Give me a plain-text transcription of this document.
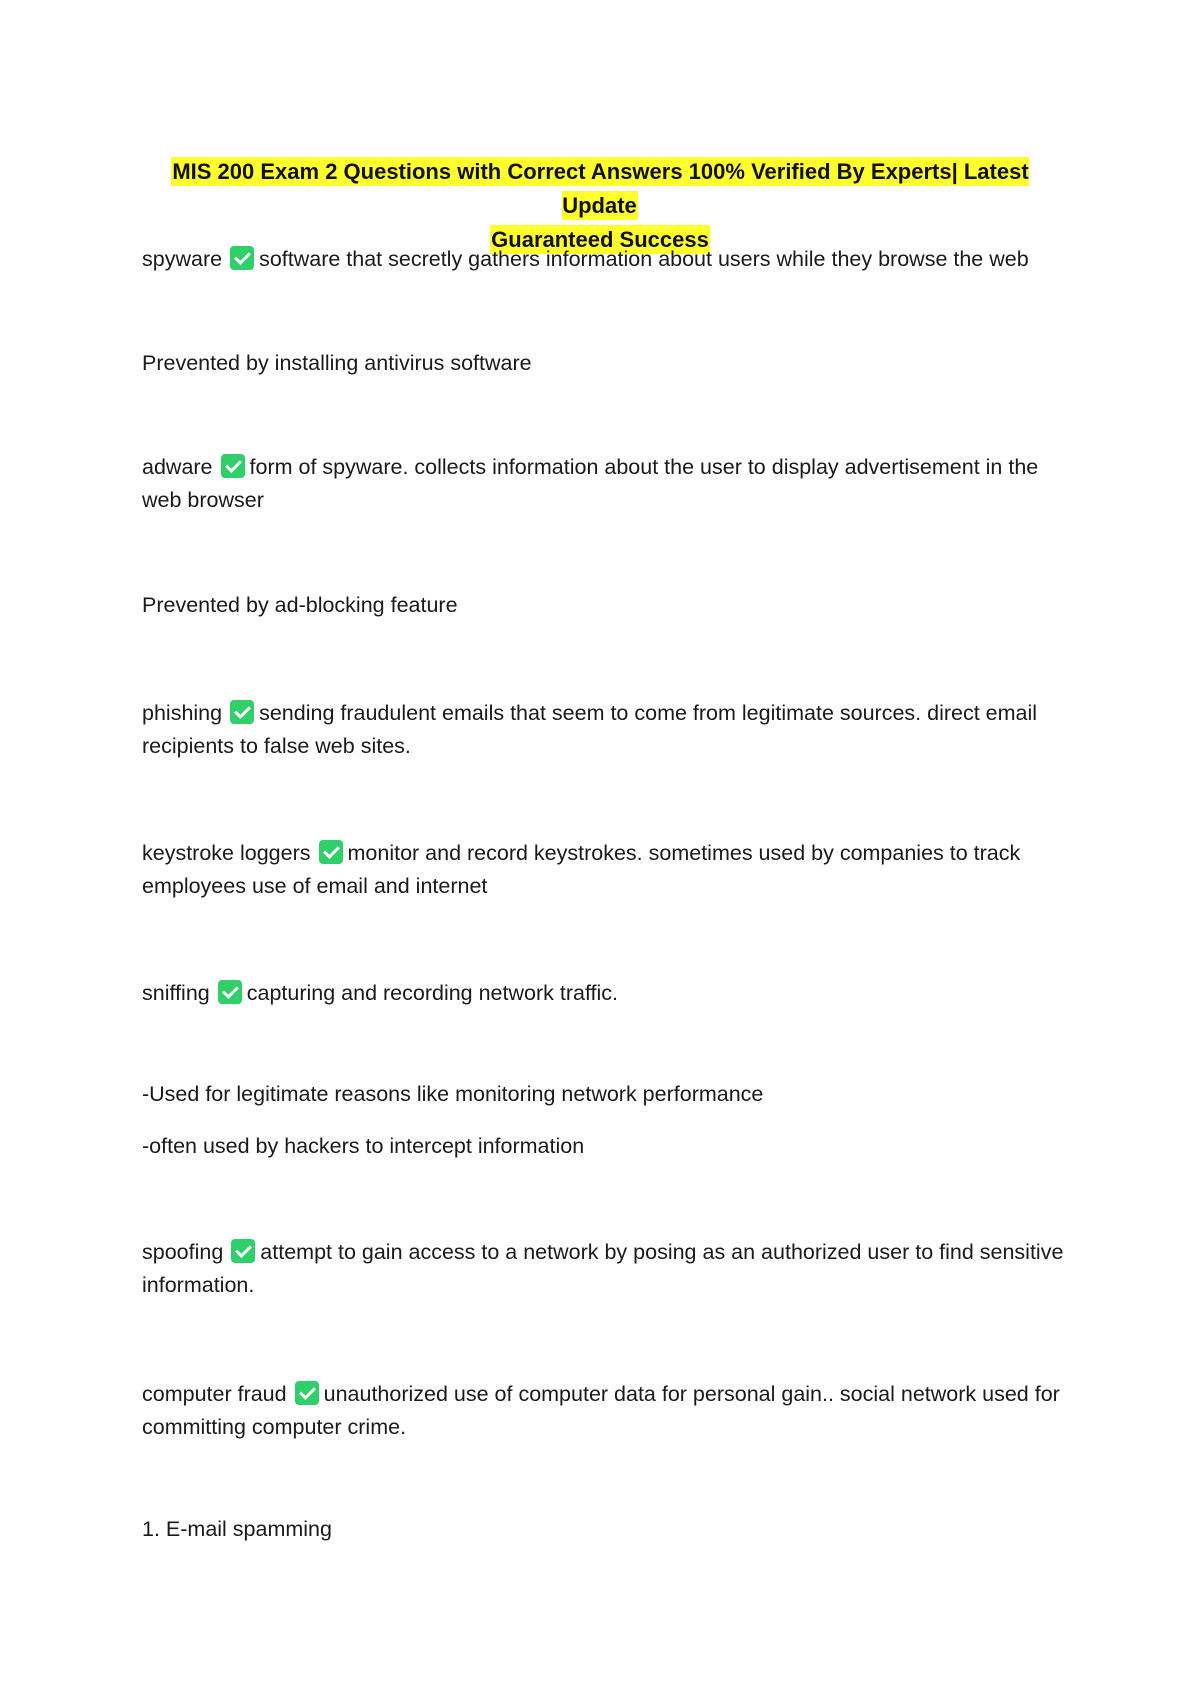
MIS 200 Exam 2 Questions with Correct Answers 100% Verified By Experts| Latest Update
Guaranteed Success
spyware software that secretly gathers information about users while they browse the web
Prevented by installing antivirus software
adware form of spyware. collects information about the user to display advertisement in the web browser
Prevented by ad-blocking feature
phishing sending fraudulent emails that seem to come from legitimate sources. direct email recipients to false web sites.
keystroke loggers monitor and record keystrokes. sometimes used by companies to track employees use of email and internet
sniffing capturing and recording network traffic.
-Used for legitimate reasons like monitoring network performance
-often used by hackers to intercept information
spoofing attempt to gain access to a network by posing as an authorized user to find sensitive information.
computer fraud unauthorized use of computer data for personal gain.. social network used for committing computer crime.
1. E-mail spamming
